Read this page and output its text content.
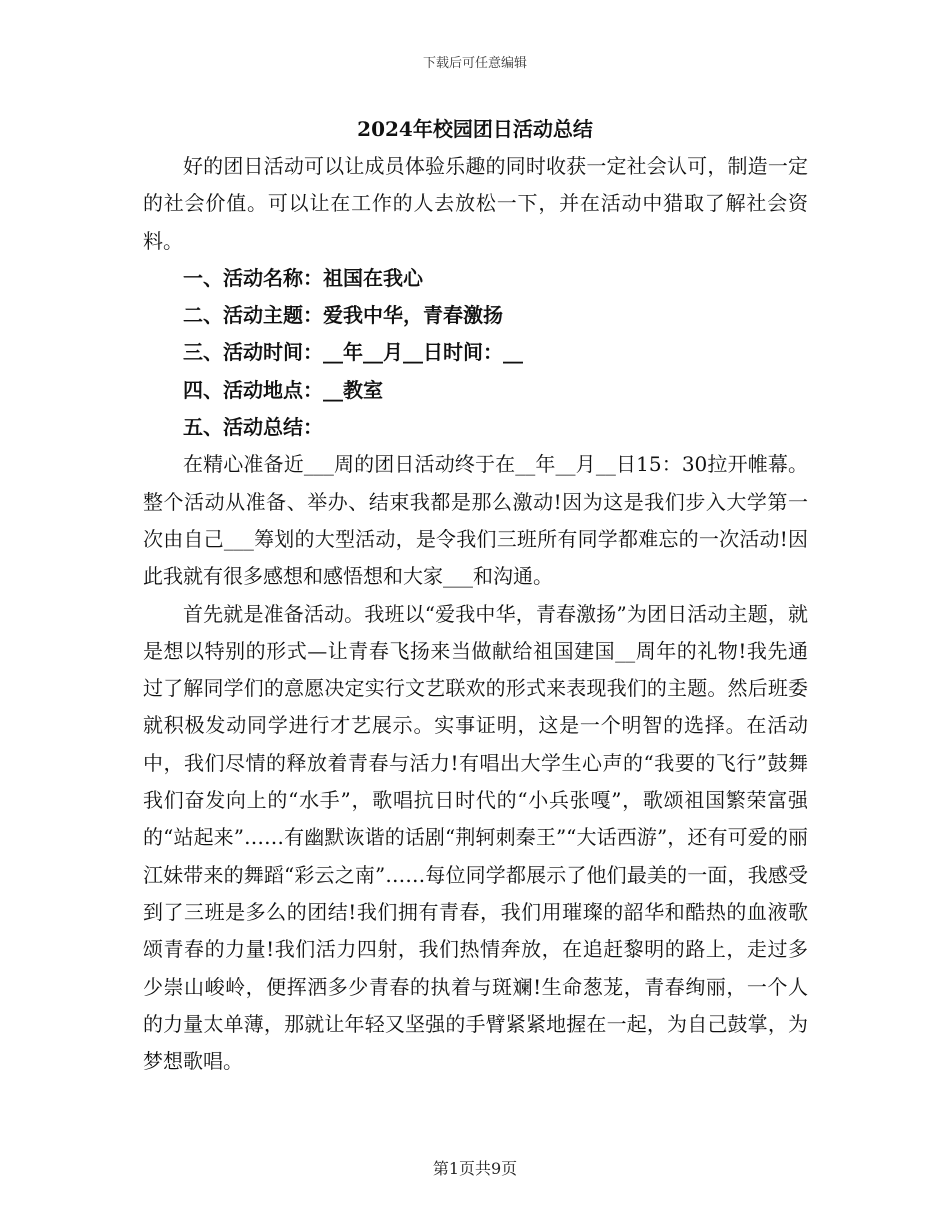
下载后可任意编辑
2024年校园团日活动总结

好的团日活动可以让成员体验乐趣的同时收获一定社会认可，制造一定的社会价值。可以让在工作的人去放松一下，并在活动中猎取了解社会资料。

一、活动名称：祖国在我心

二、活动主题：爱我中华，青春激扬

三、活动时间：__年__月__日时间：__

四、活动地点：__教室

五、活动总结：

在精心准备近___周的团日活动终于在__年__月__日15：30拉开帷幕。整个活动从准备、举办、结束我都是那么激动!因为这是我们步入大学第一次由自己___筹划的大型活动，是令我们三班所有同学都难忘的一次活动!因此我就有很多感想和感悟想和大家___和沟通。

首先就是准备活动。我班以“爱我中华，青春激扬”为团日活动主题，就是想以特别的形式—让青春飞扬来当做献给祖国建国__周年的礼物!我先通过了解同学们的意愿决定实行文艺联欢的形式来表现我们的主题。然后班委就积极发动同学进行才艺展示。实事证明，这是一个明智的选择。在活动中，我们尽情的释放着青春与活力!有唱出大学生心声的“我要的飞行”鼓舞我们奋发向上的“水手”，歌唱抗日时代的“小兵张嘎”，歌颂祖国繁荣富强的“站起来”……有幽默诙谐的话剧“荆轲刺秦王”“大话西游”，还有可爱的丽江妹带来的舞蹈“彩云之南”……每位同学都展示了他们最美的一面，我感受到了三班是多么的团结!我们拥有青春，我们用璀璨的韶华和酷热的血液歌颂青春的力量!我们活力四射，我们热情奔放，在追赶黎明的路上，走过多少崇山峻岭，便挥洒多少青春的执着与斑斓!生命葱茏，青春绚丽，一个人的力量太单薄，那就让年轻又坚强的手臂紧紧地握在一起，为自己鼓掌，为梦想歌唱。

第1页共9页
